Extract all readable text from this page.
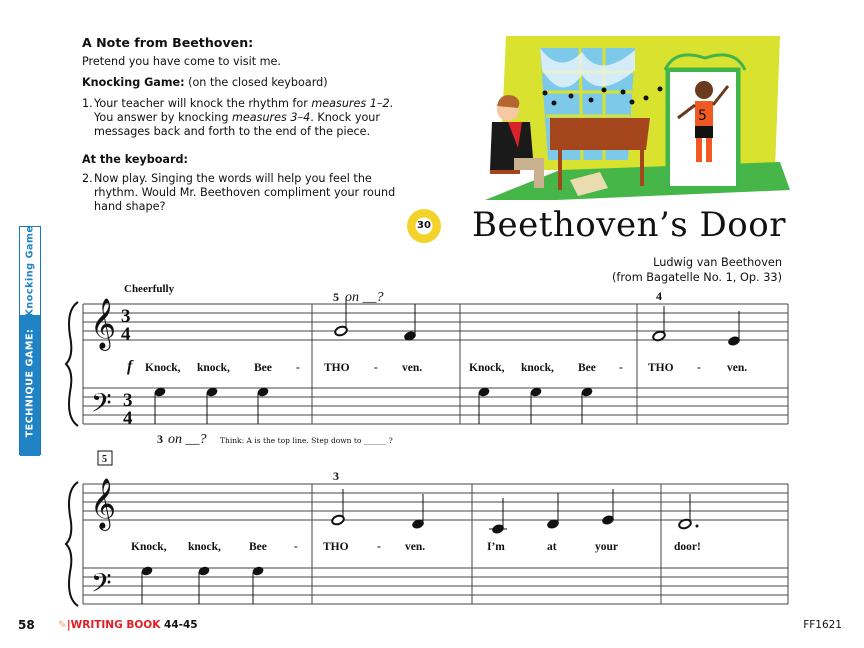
A Note from Beethoven:

Pretend you have come to visit me.

Knocking Game: (on the closed keyboard)

1. Your teacher will knock the rhythm for measures 1–2. You answer by knocking measures 3–4. Knock your messages back and forth to the end of the piece.
At the keyboard:
2. Now play. Singing the words will help you feel the rhythm. Would Mr. Beethoven compliment your round hand shape?
5
30 Beethoven’s Door
Ludwig van Beethoven
(from Bagatelle No. 1, Op. 33)
Knocking Game
TECHNIQUE GAME:
𝄞
𝄢
3
4
3
4
Cheerfully
f
5 on __?	4
Knock, knock, Bee - THO - ven.	Knock, knock, Bee - THO - ven.
3 on __? Think: A is the top line. Step down to ______ ?
5
𝄞
𝄢
3
Knock, knock, Bee - THO - ven.	I’m	at	your	door!
58 ✎|WRITING BOOK 44-45	FF1621
